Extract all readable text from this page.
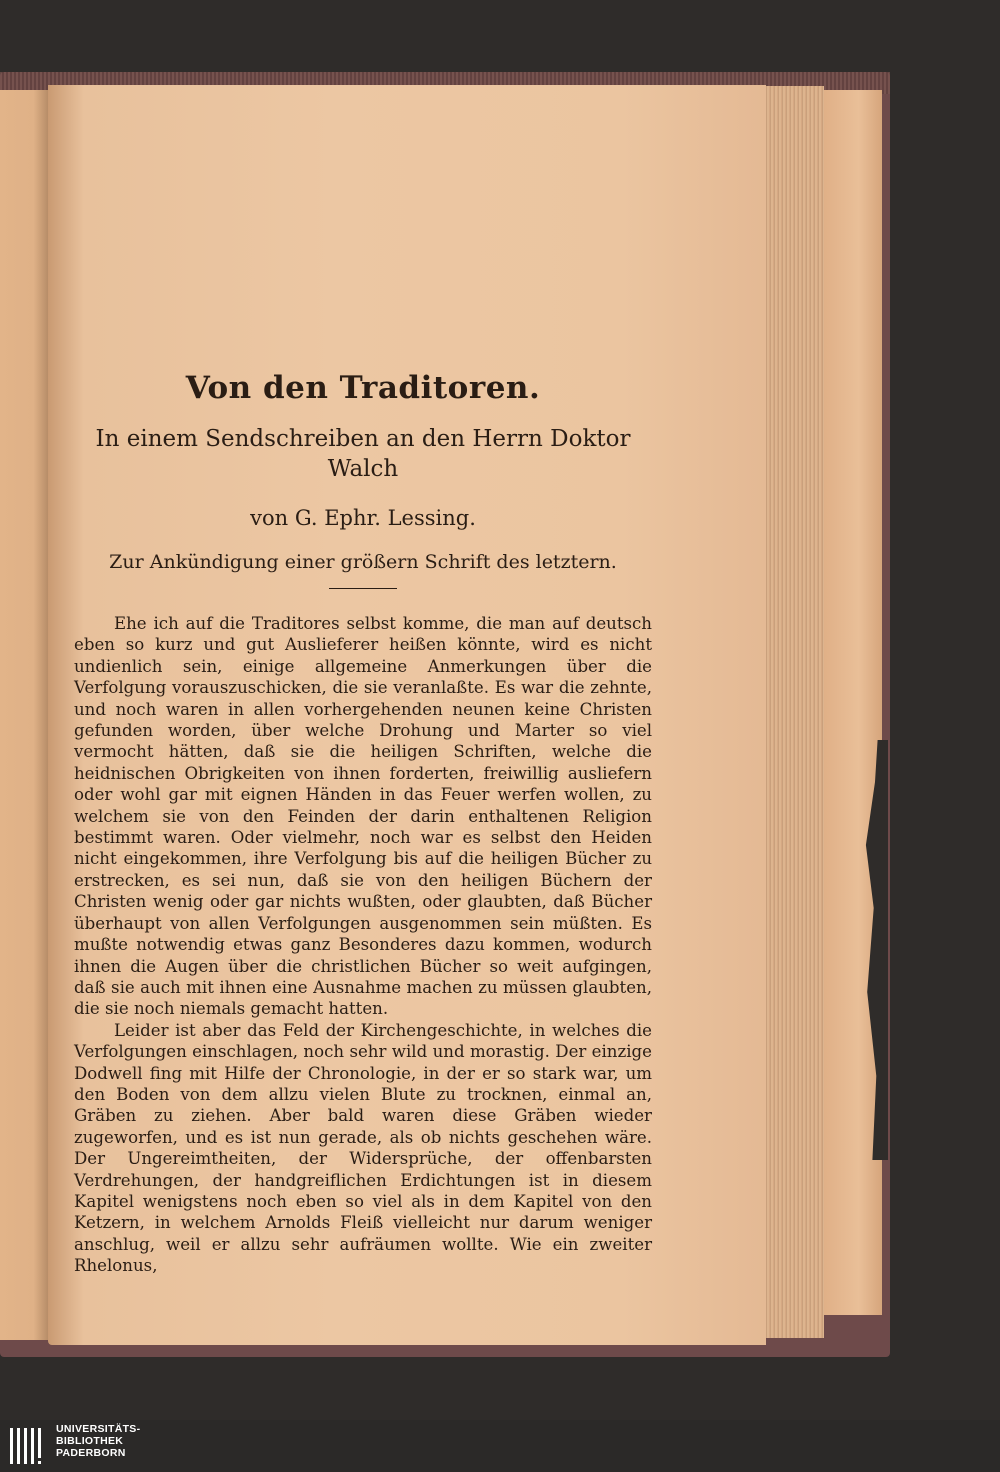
Von den Traditoren.
In einem Sendschreiben an den Herrn Doktor Walch
von G. Ephr. Lessing.
Zur Ankündigung einer größern Schrift des letztern.

Ehe ich auf die Traditores selbst komme, die man auf deutsch eben so kurz und gut Auslieferer heißen könnte, wird es nicht undienlich sein, einige allgemeine Anmerkungen über die Verfolgung vorauszuschicken, die sie veranlaßte. Es war die zehnte, und noch waren in allen vorhergehenden neunen keine Christen gefunden worden, über welche Drohung und Marter so viel vermocht hätten, daß sie die heiligen Schriften, welche die heidnischen Obrigkeiten von ihnen forderten, freiwillig ausliefern oder wohl gar mit eignen Händen in das Feuer werfen wollen, zu welchem sie von den Feinden der darin enthaltenen Religion bestimmt waren. Oder vielmehr, noch war es selbst den Heiden nicht eingekommen, ihre Verfolgung bis auf die heiligen Bücher zu erstrecken, es sei nun, daß sie von den heiligen Büchern der Christen wenig oder gar nichts wußten, oder glaubten, daß Bücher überhaupt von allen Verfolgungen ausgenommen sein müßten. Es mußte notwendig etwas ganz Besonderes dazu kommen, wodurch ihnen die Augen über die christlichen Bücher so weit aufgingen, daß sie auch mit ihnen eine Ausnahme machen zu müssen glaubten, die sie noch niemals gemacht hatten.

Leider ist aber das Feld der Kirchengeschichte, in welches die Verfolgungen einschlagen, noch sehr wild und morastig. Der einzige Dodwell fing mit Hilfe der Chronologie, in der er so stark war, um den Boden von dem allzu vielen Blute zu trocknen, einmal an, Gräben zu ziehen. Aber bald waren diese Gräben wieder zugeworfen, und es ist nun gerade, als ob nichts geschehen wäre. Der Ungereimtheiten, der Widersprüche, der offenbarsten Verdrehungen, der handgreiflichen Erdichtungen ist in diesem Kapitel wenigstens noch eben so viel als in dem Kapitel von den Ketzern, in welchem Arnolds Fleiß vielleicht nur darum weniger anschlug, weil er allzu sehr aufräumen wollte. Wie ein zweiter Rhelonus,

UNIVERSITÄTS-
BIBLIOTHEK
PADERBORN
